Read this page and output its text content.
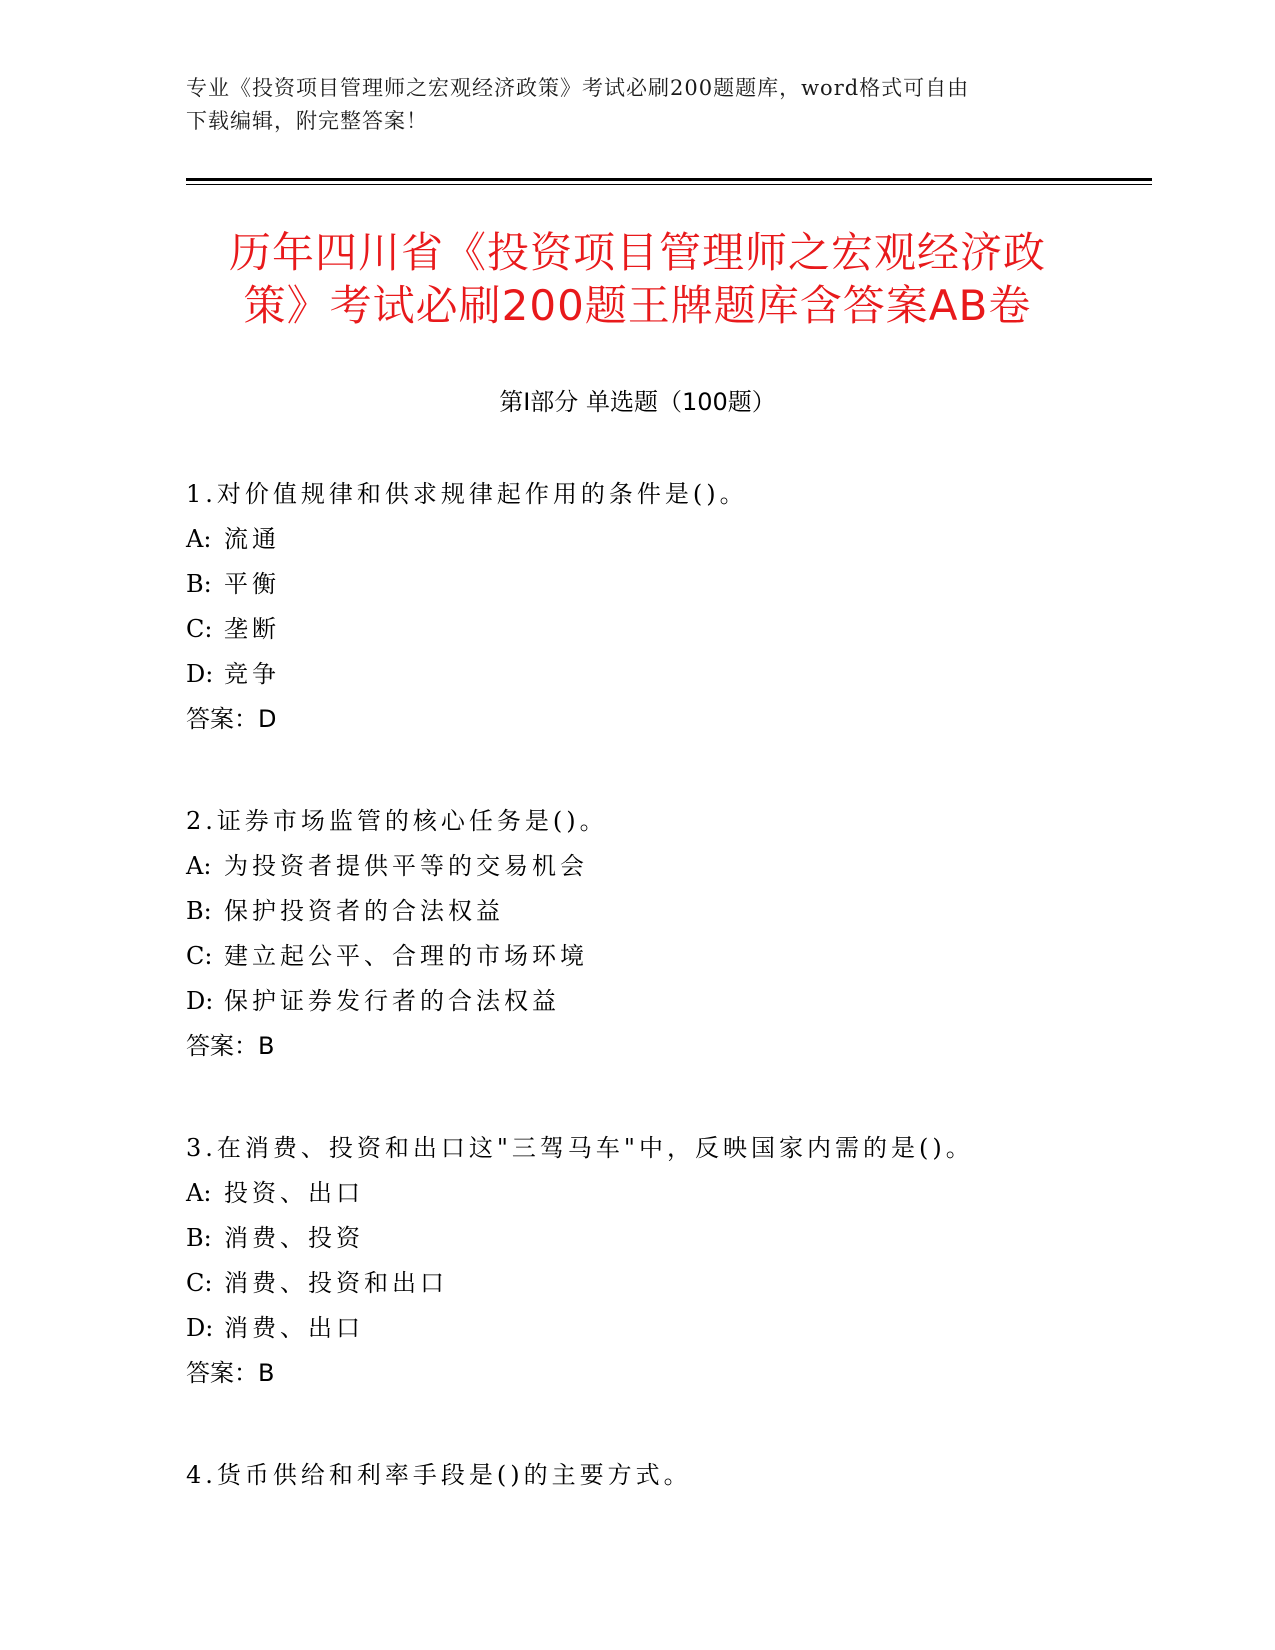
专业《投资项目管理师之宏观经济政策》考试必刷200题题库，word格式可自由
下载编辑，附完整答案！
历年四川省《投资项目管理师之宏观经济政
策》考试必刷200题王牌题库含答案AB卷
第Ⅰ部分 单选题（100题）
1.对价值规律和供求规律起作用的条件是()。
A: 流通
B: 平衡
C: 垄断
D: 竞争
答案：D
2.证券市场监管的核心任务是()。
A: 为投资者提供平等的交易机会
B: 保护投资者的合法权益
C: 建立起公平、合理的市场环境
D: 保护证券发行者的合法权益
答案：B
3.在消费、投资和出口这"三驾马车"中，反映国家内需的是()。
A: 投资、出口
B: 消费、投资
C: 消费、投资和出口
D: 消费、出口
答案：B
4.货币供给和利率手段是()的主要方式。
